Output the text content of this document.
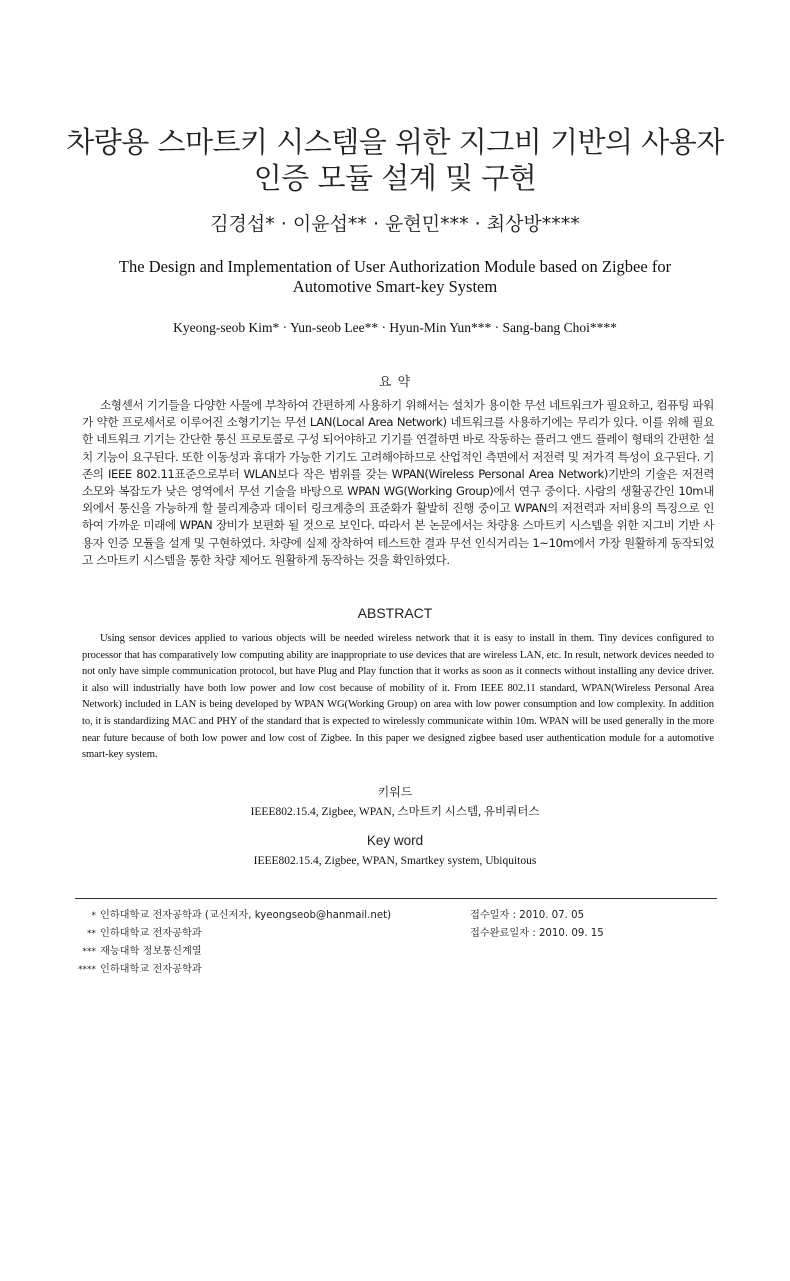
차량용 스마트키 시스템을 위한 지그비 기반의 사용자
인증 모듈 설계 및 구현
김경섭* · 이윤섭** · 윤현민*** · 최상방****
The Design and Implementation of User Authorization Module based on Zigbee for
Automotive Smart-key System
Kyeong-seob Kim* · Yun-seob Lee** · Hyun-Min Yun*** · Sang-bang Choi****
요 약

소형센서 기기들을 다양한 사물에 부착하여 간편하게 사용하기 위해서는 설치가 용이한 무선 네트워크가 필요하고, 컴퓨팅 파워가 약한 프로세서로 이루어진 소형기기는 무선 LAN(Local Area Network) 네트워크를 사용하기에는 무리가 있다. 이를 위해 필요한 네트워크 기기는 간단한 통신 프로토콜로 구성 되어야하고 기기를 연결하면 바로 작동하는 플러그 앤드 플레이 형태의 간편한 설치 기능이 요구된다. 또한 이동성과 휴대가 가능한 기기도 고려해야하므로 산업적인 측면에서 저전력 및 저가격 특성이 요구된다. 기존의 IEEE 802.11표준으로부터 WLAN보다 작은 범위를 갖는 WPAN(Wireless Personal Area Network)기반의 기술은 저전력 소모와 복잡도가 낮은 영역에서 무선 기술을 바탕으로 WPAN WG(Working Group)에서 연구 중이다. 사람의 생활공간인 10m내외에서 통신을 가능하게 할 물리계층과 데이터 링크계층의 표준화가 활발히 진행 중이고 WPAN의 저전력과 저비용의 특징으로 인하여 가까운 미래에 WPAN 장비가 보편화 될 것으로 보인다. 따라서 본 논문에서는 차량용 스마트키 시스템을 위한 지그비 기반 사용자 인증 모듈을 설계 및 구현하였다. 차량에 실제 장착하여 테스트한 결과 무선 인식거리는 1~10m에서 가장 원활하게 동작되었고 스마트키 시스템을 통한 차량 제어도 원활하게 동작하는 것을 확인하였다.

ABSTRACT

Using sensor devices applied to various objects will be needed wireless network that it is easy to install in them. Tiny devices configured to processor that has comparatively low computing ability are inappropriate to use devices that are wireless LAN, etc. In result, network devices needed to not only have simple communication protocol, but have Plug and Play function that it works as soon as it connects without installing any device driver. it also will industrially have both low power and low cost because of mobility of it. From IEEE 802.11 standard, WPAN(Wireless Personal Area Network) included in LAN is being developed by WPAN WG(Working Group) on area with low power consumption and low complexity. In addition to, it is standardizing MAC and PHY of the standard that is expected to wirelessly communicate within 10m. WPAN will be used generally in the more near future because of both low power and low cost of Zigbee. In this paper we designed zigbee based user authentication module for a automotive smart-key system.

키워드
IEEE802.15.4, Zigbee, WPAN, 스마트키 시스템, 유비쿼터스
Key word
IEEE802.15.4, Zigbee, WPAN, Smartkey system, Ubiquitous
* 인하대학교 전자공학과 (교신저자, kyeongseob@hanmail.net)
** 인하대학교 전자공학과
*** 재능대학 정보통신계열
**** 인하대학교 전자공학과
접수일자 : 2010. 07. 05
접수완료일자 : 2010. 09. 15
